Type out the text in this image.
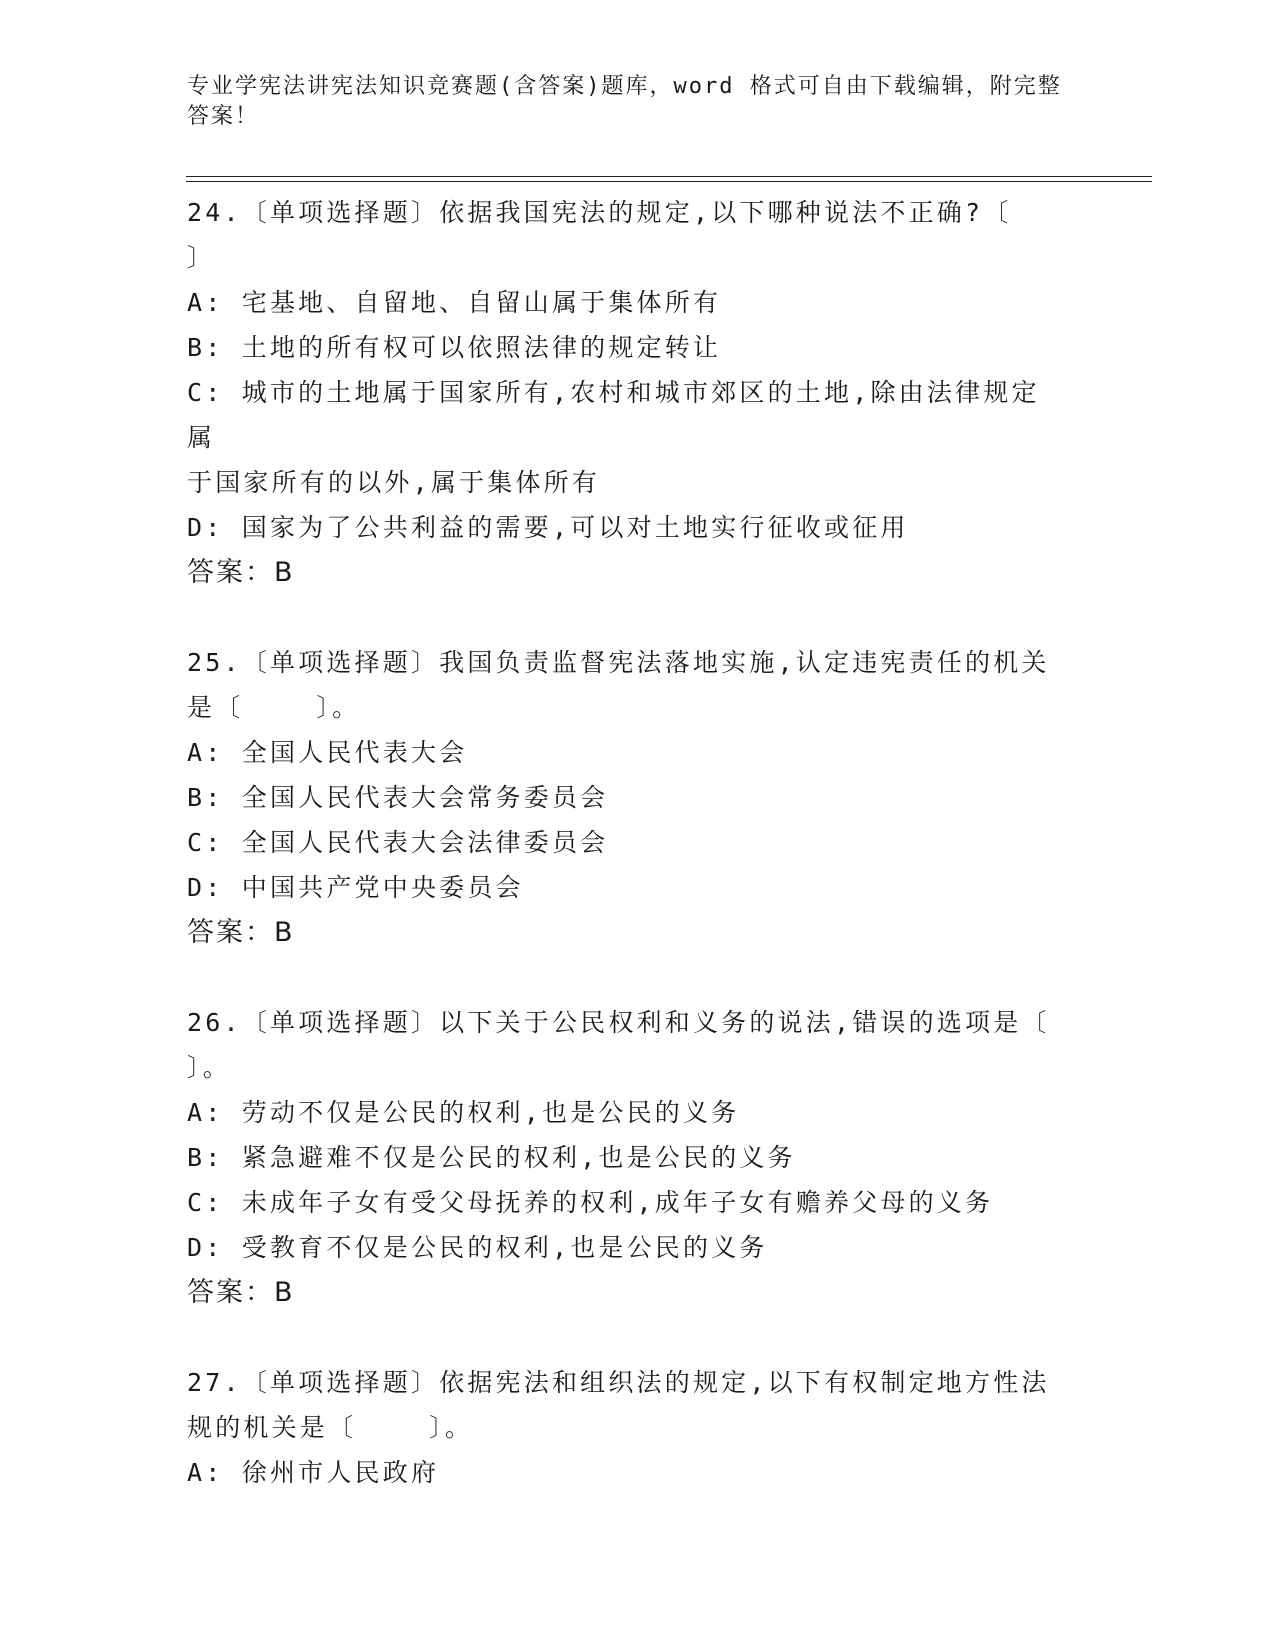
专业学宪法讲宪法知识竞赛题(含答案)题库，word 格式可自由下载编辑，附完整
答案！
24.〔单项选择题〕依据我国宪法的规定,以下哪种说法不正确?〔
〕
A: 宅基地、自留地、自留山属于集体所有
B: 土地的所有权可以依照法律的规定转让
C: 城市的土地属于国家所有,农村和城市郊区的土地,除由法律规定属
于国家所有的以外,属于集体所有
D: 国家为了公共利益的需要,可以对土地实行征收或征用
答案：B
25.〔单项选择题〕我国负责监督宪法落地实施,认定违宪责任的机关
是〔    〕。
A: 全国人民代表大会
B: 全国人民代表大会常务委员会
C: 全国人民代表大会法律委员会
D: 中国共产党中央委员会
答案：B
26.〔单项选择题〕以下关于公民权利和义务的说法,错误的选项是〔
〕。
A: 劳动不仅是公民的权利,也是公民的义务
B: 紧急避难不仅是公民的权利,也是公民的义务
C: 未成年子女有受父母抚养的权利,成年子女有赡养父母的义务
D: 受教育不仅是公民的权利,也是公民的义务
答案：B
27.〔单项选择题〕依据宪法和组织法的规定,以下有权制定地方性法
规的机关是〔    〕。
A: 徐州市人民政府
